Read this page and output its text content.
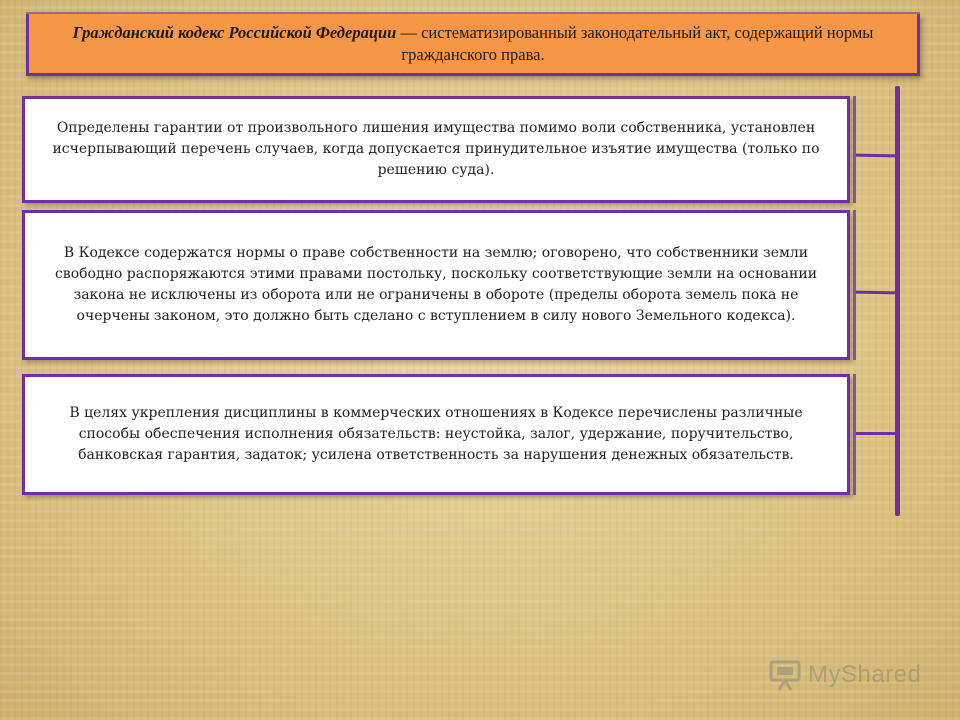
Гражданский кодекс Российской Федерации — систематизированный законодательный акт, содержащий нормы гражданского права.
Определены гарантии от произвольного лишения имущества помимо воли собственника, установлен исчерпывающий перечень случаев, когда допускается принудительное изъятие имущества (только по решению суда).
В Кодексе содержатся нормы о праве собственности на землю; оговорено, что собственники земли свободно распоряжаются этими правами постольку, поскольку соответствующие земли на основании закона не исключены из оборота или не ограничены в обороте (пределы оборота земель пока не очерчены законом, это должно быть сделано с вступлением в силу нового Земельного кодекса).
В целях укрепления дисциплины в коммерческих отношениях в Кодексе перечислены различные способы обеспечения исполнения обязательств: неустойка, залог, удержание, поручительство, банковская гарантия, задаток; усилена ответственность за нарушения денежных обязательств.
MyShared
